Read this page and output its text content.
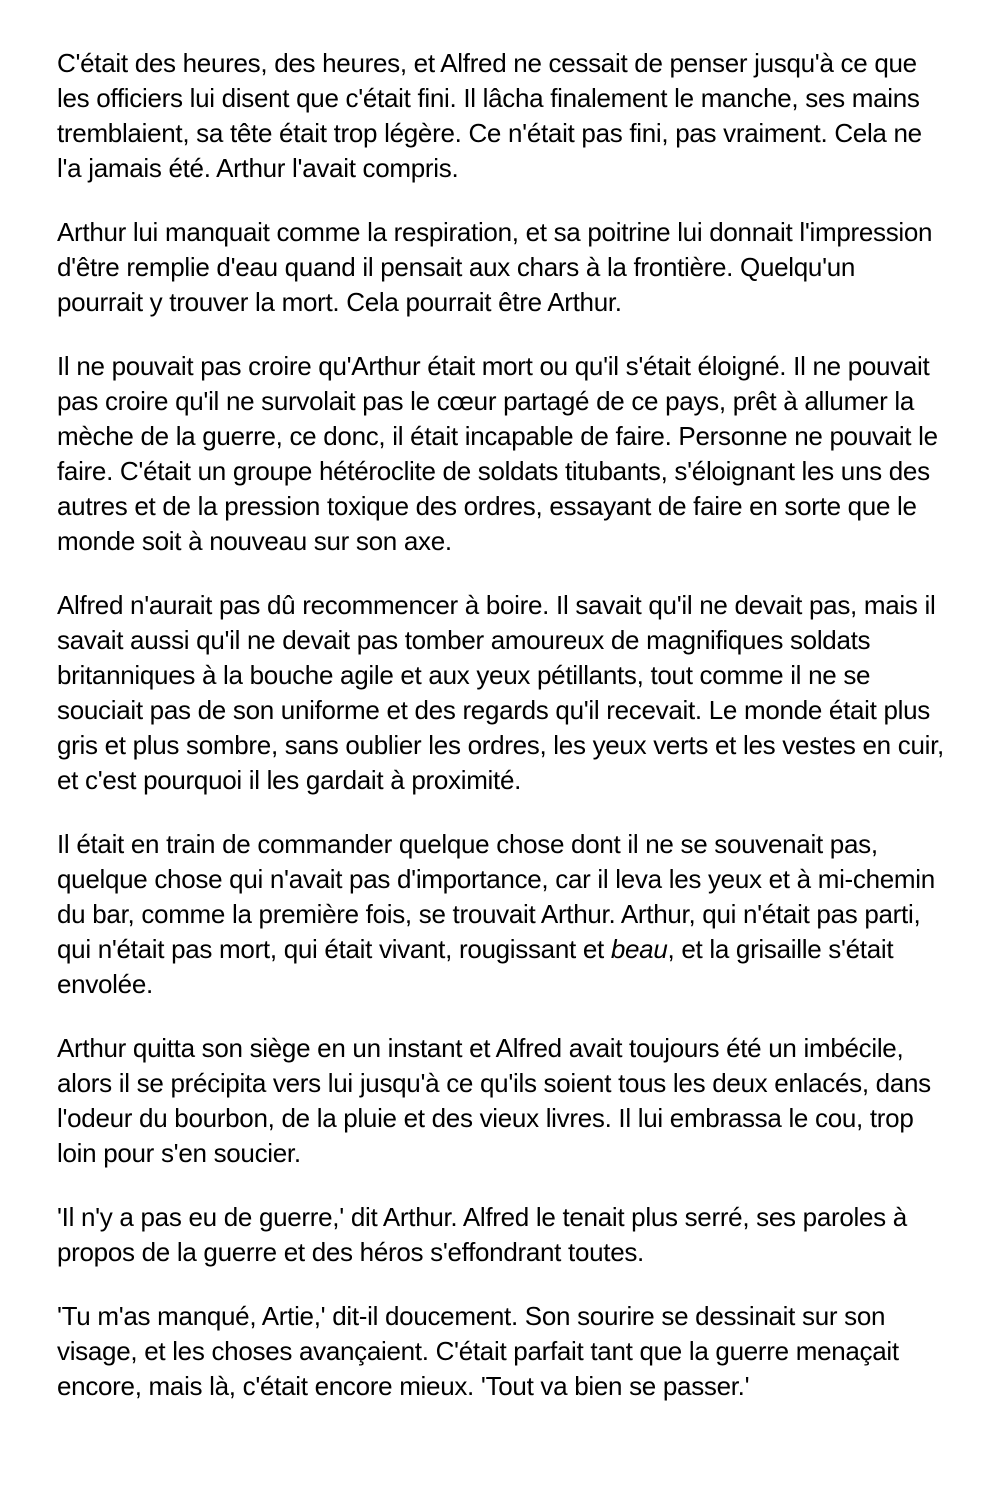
C'était des heures, des heures, et Alfred ne cessait de penser jusqu'à ce que les officiers lui disent que c'était fini. Il lâcha finalement le manche, ses mains tremblaient, sa tête était trop légère. Ce n'était pas fini, pas vraiment. Cela ne l'a jamais été. Arthur l'avait compris.

Arthur lui manquait comme la respiration, et sa poitrine lui donnait l'impression d'être remplie d'eau quand il pensait aux chars à la frontière. Quelqu'un pourrait y trouver la mort. Cela pourrait être Arthur.

Il ne pouvait pas croire qu'Arthur était mort ou qu'il s'était éloigné. Il ne pouvait pas croire qu'il ne survolait pas le cœur partagé de ce pays, prêt à allumer la mèche de la guerre, ce donc, il était incapable de faire. Personne ne pouvait le faire. C'était un groupe hétéroclite de soldats titubants, s'éloignant les uns des autres et de la pression toxique des ordres, essayant de faire en sorte que le monde soit à nouveau sur son axe.

Alfred n'aurait pas dû recommencer à boire. Il savait qu'il ne devait pas, mais il savait aussi qu'il ne devait pas tomber amoureux de magnifiques soldats britanniques à la bouche agile et aux yeux pétillants, tout comme il ne se souciait pas de son uniforme et des regards qu'il recevait. Le monde était plus gris et plus sombre, sans oublier les ordres, les yeux verts et les vestes en cuir, et c'est pourquoi il les gardait à proximité.

Il était en train de commander quelque chose dont il ne se souvenait pas, quelque chose qui n'avait pas d'importance, car il leva les yeux et à mi-chemin du bar, comme la première fois, se trouvait Arthur. Arthur, qui n'était pas parti, qui n'était pas mort, qui était vivant, rougissant et beau, et la grisaille s'était envolée.

Arthur quitta son siège en un instant et Alfred avait toujours été un imbécile, alors il se précipita vers lui jusqu'à ce qu'ils soient tous les deux enlacés, dans l'odeur du bourbon, de la pluie et des vieux livres. Il lui embrassa le cou, trop loin pour s'en soucier.

'Il n'y a pas eu de guerre,' dit Arthur. Alfred le tenait plus serré, ses paroles à propos de la guerre et des héros s'effondrant toutes.

'Tu m'as manqué, Artie,' dit-il doucement. Son sourire se dessinait sur son visage, et les choses avançaient. C'était parfait tant que la guerre menaçait encore, mais là, c'était encore mieux. 'Tout va bien se passer.'
